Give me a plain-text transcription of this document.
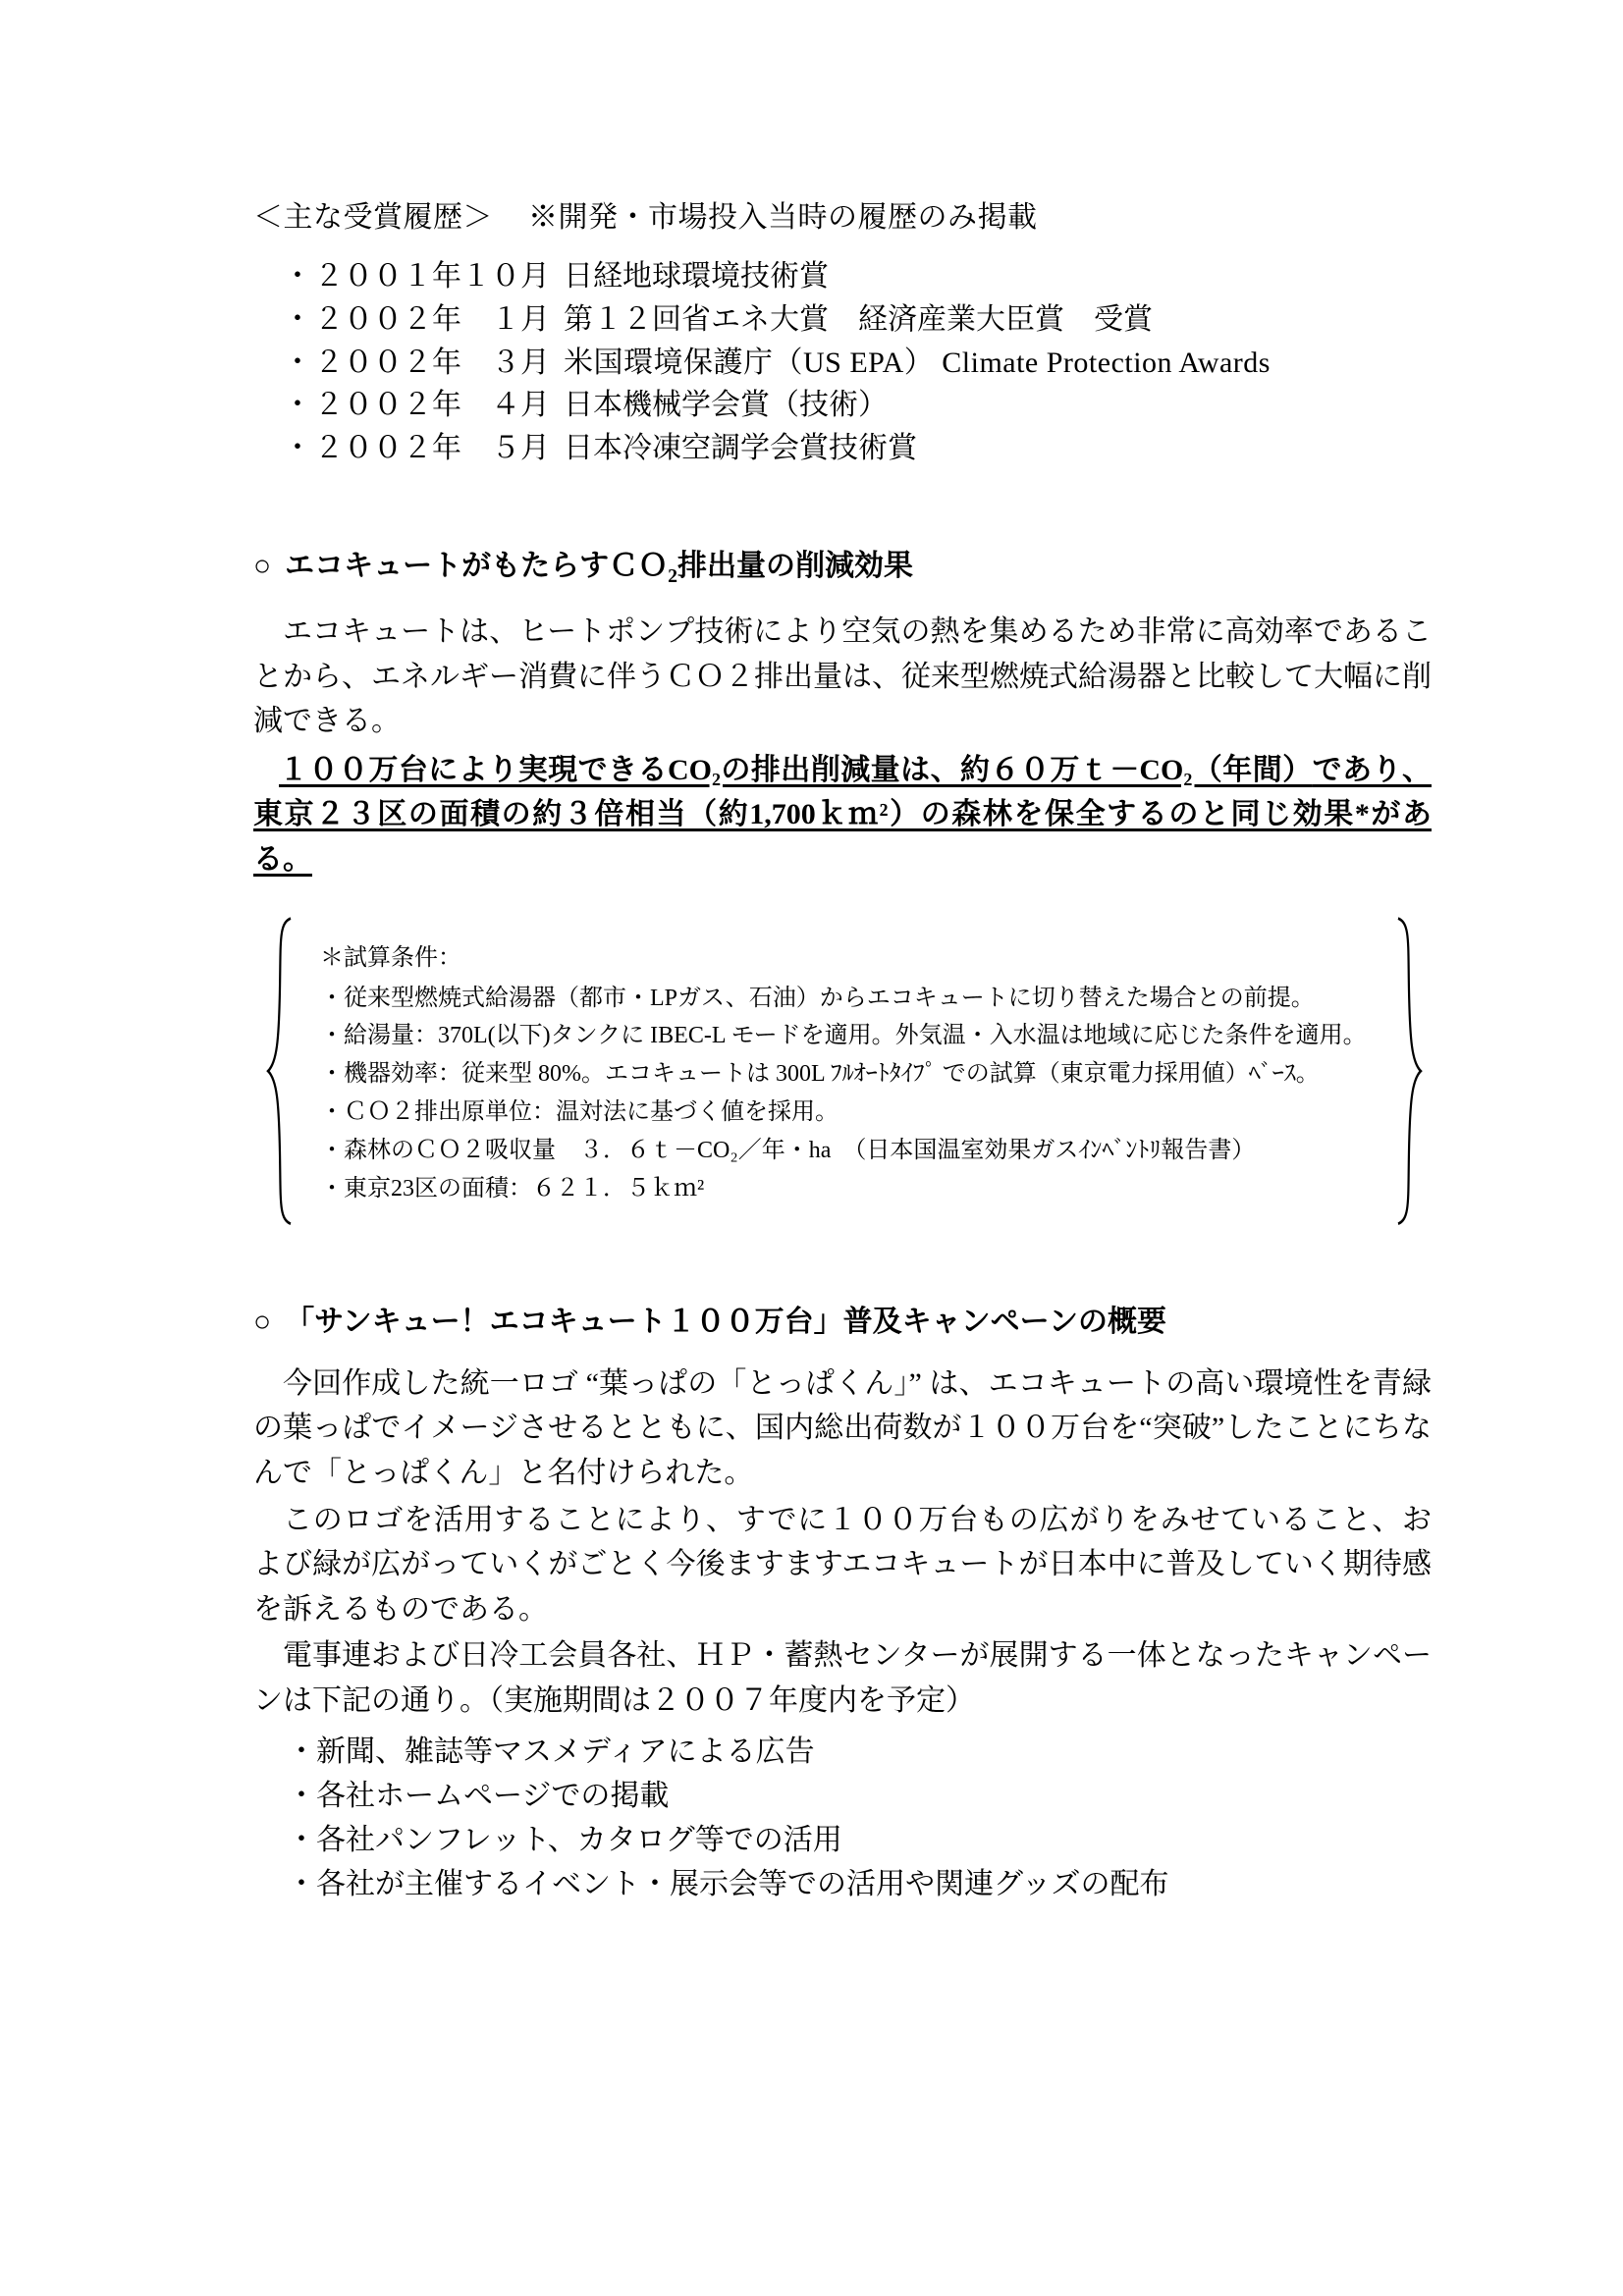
＜主な受賞履歴＞ ※開発・市場投入当時の履歴のみ掲載
・２００１年１０月 日経地球環境技術賞
・２００２年　１月 第１２回省エネ大賞　経済産業大臣賞　受賞
・２００２年　３月 米国環境保護庁（US EPA） Climate Protection Awards
・２００２年　４月 日本機械学会賞（技術）
・２００２年　５月 日本冷凍空調学会賞技術賞
○ エコキュートがもたらすＣＯ$_2$排出量の削減効果

エコキュートは、ヒートポンプ技術により空気の熱を集めるため非常に高効率であることから、エネルギー消費に伴うＣＯ２排出量は、従来型燃焼式給湯器と比較して大幅に削減できる。

１００万台により実現できるCO₂の排出削減量は、約６０万ｔ－CO₂（年間）であり、東京２３区の面積の約３倍相当（約1,700ｋｍ²）の森林を保全するのと同じ効果*がある。

＊試算条件：
・従来型燃焼式給湯器（都市・LPガス、石油）からエコキュートに切り替えた場合との前提。
・給湯量：370L(以下)タンクに IBEC-L モードを適用。外気温・入水温は地域に応じた条件を適用。
・機器効率：従来型 80%。エコキュートは 300L ﾌﾙｵｰﾄﾀｲﾌﾟ での試算（東京電力採用値）ﾍﾞｰｽ。
・ＣＯ２排出原単位：温対法に基づく値を採用。
・森林のＣＯ２吸収量　３．６ｔ－CO₂／年・ha　（日本国温室効果ガスｲﾝﾍﾞﾝﾄﾘ報告書）
・東京23区の面積：６２１．５ｋｍ²
○ 「サンキュー！エコキュート１００万台」普及キャンペーンの概要

今回作成した統一ロゴ “葉っぱの「とっぱくん」” は、エコキュートの高い環境性を青緑の葉っぱでイメージさせるとともに、国内総出荷数が１００万台を“突破”したことにちなんで「とっぱくん」と名付けられた。

このロゴを活用することにより、すでに１００万台もの広がりをみせていること、および緑が広がっていくがごとく今後ますますエコキュートが日本中に普及していく期待感を訴えるものである。

電事連および日冷工会員各社、ＨＰ・蓄熱センターが展開する一体となったキャンペーンは下記の通り。（実施期間は２００７年度内を予定）

・新聞、雑誌等マスメディアによる広告
・各社ホームページでの掲載
・各社パンフレット、カタログ等での活用
・各社が主催するイベント・展示会等での活用や関連グッズの配布
